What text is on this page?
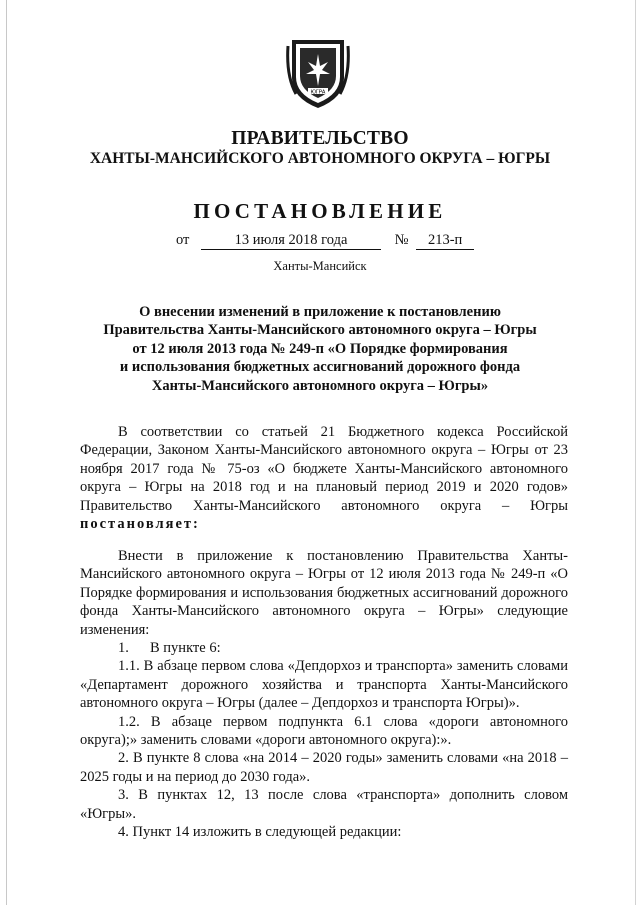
ЮГРА
ПРАВИТЕЛЬСТВО
ХАНТЫ-МАНСИЙСКОГО АВТОНОМНОГО ОКРУГА – ЮГРЫ
ПОСТАНОВЛЕНИЕ
от	13 июля 2018 года	№ 213-п
Ханты-Мансийск
О внесении изменений в приложение к постановлению
Правительства Ханты-Мансийского автономного округа – Югры
от 12 июля 2013 года № 249-п «О Порядке формирования
и использования бюджетных ассигнований дорожного фонда
Ханты-Мансийского автономного округа – Югры»

В соответствии со статьей 21 Бюджетного кодекса Российской Федерации, Законом Ханты-Мансийского автономного округа – Югры от 23 ноября 2017 года № 75-оз «О бюджете Ханты-Мансийского автономного округа – Югры на 2018 год и на плановый период 2019 и 2020 годов» Правительство Ханты-Мансийского автономного округа – Югры постановляет:

Внести в приложение к постановлению Правительства Ханты-Мансийского автономного округа – Югры от 12 июля 2013 года № 249-п «О Порядке формирования и использования бюджетных ассигнований дорожного фонда Ханты-Мансийского автономного округа – Югры» следующие изменения:

1.	В пункте 6:
1.1. В абзаце первом слова «Депдорхоз и транспорта» заменить словами «Департамент дорожного хозяйства и транспорта Ханты-Мансийского автономного округа – Югры (далее – Депдорхоз и транспорта Югры)».
1.2. В абзаце первом подпункта 6.1 слова «дороги автономного округа);» заменить словами «дороги автономного округа):».
2. В пункте 8 слова «на 2014 – 2020 годы» заменить словами «на 2018 – 2025 годы и на период до 2030 года».
3. В пунктах 12, 13 после слова «транспорта» дополнить словом «Югры».
4. Пункт 14 изложить в следующей редакции:
